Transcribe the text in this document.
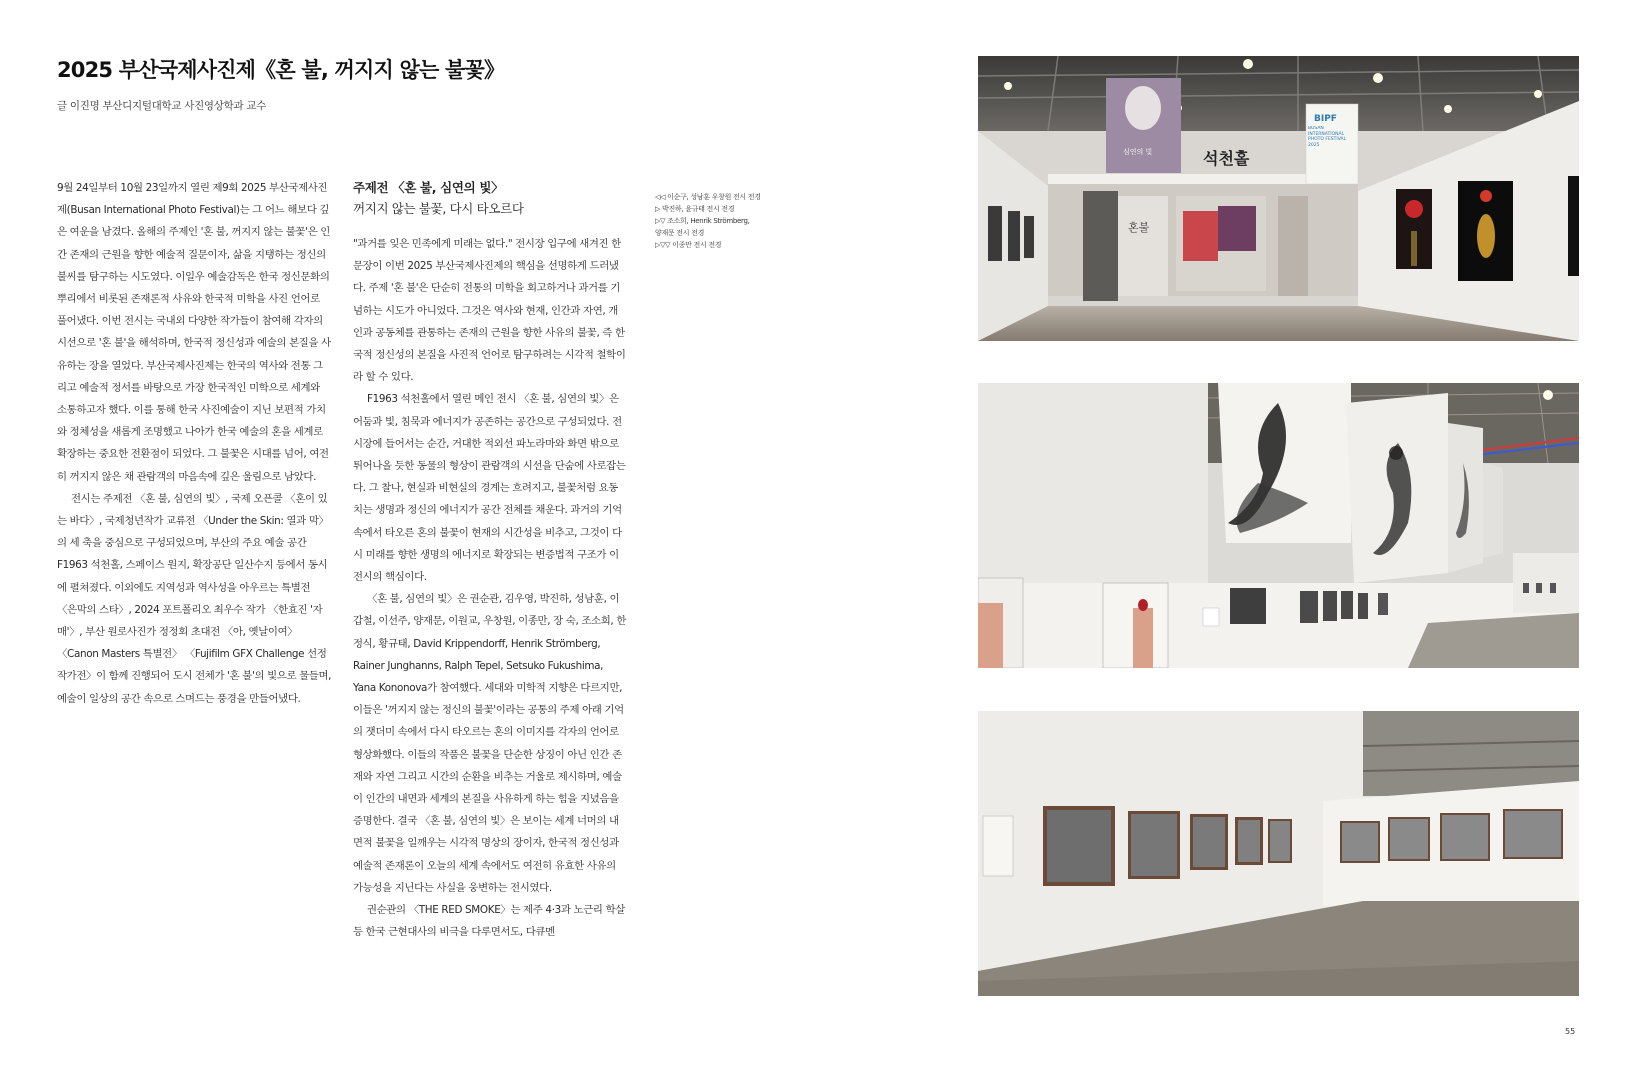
2025 부산국제사진제《혼 불, 꺼지지 않는 불꽃》
글 이진명 부산디지털대학교 사진영상학과 교수

9월 24일부터 10월 23일까지 열린 제9회 2025 부산국제사진제(Busan International Photo Festival)는 그 어느 해보다 깊은 여운을 남겼다. 올해의 주제인 '혼 불, 꺼지지 않는 불꽃'은 인간 존재의 근원을 향한 예술적 질문이자, 삶을 지탱하는 정신의 불씨를 탐구하는 시도였다. 이일우 예술감독은 한국 정신문화의 뿌리에서 비롯된 존재론적 사유와 한국적 미학을 사진 언어로 풀어냈다. 이번 전시는 국내외 다양한 작가들이 참여해 각자의 시선으로 '혼 불'을 해석하며, 한국적 정신성과 예술의 본질을 사유하는 장을 열었다. 부산국제사진제는 한국의 역사와 전통 그리고 예술적 정서를 바탕으로 가장 한국적인 미학으로 세계와 소통하고자 했다. 이를 통해 한국 사진예술이 지닌 보편적 가치와 정체성을 새롭게 조명했고 나아가 한국 예술의 혼을 세계로 확장하는 중요한 전환점이 되었다. 그 불꽃은 시대를 넘어, 여전히 꺼지지 않은 채 관람객의 마음속에 깊은 울림으로 남았다.

전시는 주제전 〈혼 불, 심연의 빛〉, 국제 오픈콜 〈혼이 있는 바다〉, 국제청년작가 교류전 〈Under the Skin: 열과 막〉의 세 축을 중심으로 구성되었으며, 부산의 주요 예술 공간 F1963 석천홀, 스페이스 원지, 확장공단 일산수지 등에서 동시에 펼쳐졌다. 이외에도 지역성과 역사성을 아우르는 특별전 〈은막의 스타〉, 2024 포트폴리오 최우수 작가 〈한효진 '자매'〉, 부산 원로사진가 정정회 초대전 〈아, 옛날이여〉 〈Canon Masters 특별전〉 〈Fujifilm GFX Challenge 선정작가전〉이 함께 진행되어 도시 전체가 '혼 불'의 빛으로 물들며, 예술이 일상의 공간 속으로 스며드는 풍경을 만들어냈다.

주제전 〈혼 불, 심연의 빛〉
꺼지지 않는 불꽃, 다시 타오르다

"과거를 잊은 민족에게 미래는 없다." 전시장 입구에 새겨진 한 문장이 이번 2025 부산국제사진제의 핵심을 선명하게 드러냈다. 주제 '혼 불'은 단순히 전통의 미학을 회고하거나 과거를 기념하는 시도가 아니었다. 그것은 역사와 현재, 인간과 자연, 개인과 공동체를 관통하는 존재의 근원을 향한 사유의 불꽃, 즉 한국적 정신성의 본질을 사진적 언어로 탐구하려는 시각적 철학이라 할 수 있다.

F1963 석천홀에서 열린 메인 전시 〈혼 불, 심연의 빛〉은 어둠과 빛, 침묵과 에너지가 공존하는 공간으로 구성되었다. 전시장에 들어서는 순간, 거대한 적외선 파노라마와 화면 밖으로 튀어나올 듯한 동물의 형상이 관람객의 시선을 단숨에 사로잡는다. 그 찰나, 현실과 비현실의 경계는 흐려지고, 불꽃처럼 요동치는 생명과 정신의 에너지가 공간 전체를 채운다. 과거의 기억 속에서 타오른 혼의 불꽃이 현재의 시간성을 비추고, 그것이 다시 미래를 향한 생명의 에너지로 확장되는 변증법적 구조가 이 전시의 핵심이다.

〈혼 불, 심연의 빛〉은 권순관, 김우영, 박진하, 성남훈, 이갑철, 이선주, 양재문, 이원교, 우창원, 이종만, 장 숙, 조소희, 한정식, 황규태, David Krippendorff, Henrik Strömberg, Rainer Junghanns, Ralph Tepel, Setsuko Fukushima, Yana Kononova가 참여했다. 세대와 미학적 지향은 다르지만, 이들은 '꺼지지 않는 정신의 불꽃'이라는 공통의 주제 아래 기억의 잿더미 속에서 다시 타오르는 혼의 이미지를 각자의 언어로 형상화했다. 이들의 작품은 불꽃을 단순한 상징이 아닌 인간 존재와 자연 그리고 시간의 순환을 비추는 거울로 제시하며, 예술이 인간의 내면과 세계의 본질을 사유하게 하는 힘을 지녔음을 증명한다. 결국 〈혼 불, 심연의 빛〉은 보이는 세계 너머의 내면적 불꽃을 일깨우는 시각적 명상의 장이자, 한국적 정신성과 예술적 존재론이 오늘의 세계 속에서도 여전히 유효한 사유의 가능성을 지닌다는 사실을 웅변하는 전시였다.

권순관의 〈THE RED SMOKE〉는 제주 4·3과 노근리 학살 등 한국 근현대사의 비극을 다루면서도, 다큐멘

◁◁ 이순구, 성남훈 우창원 전시 전경
▷ 박진하, 윤규태 전시 전경
▷▽ 조소희, Henrik Strömberg,
양재문 전시 전경
▷▽▽ 이종만 전시 전경
석천홀
혼불
심연의 빛
BIPF
BUSAN INTERNATIONAL PHOTO FESTIVAL 2025
55
